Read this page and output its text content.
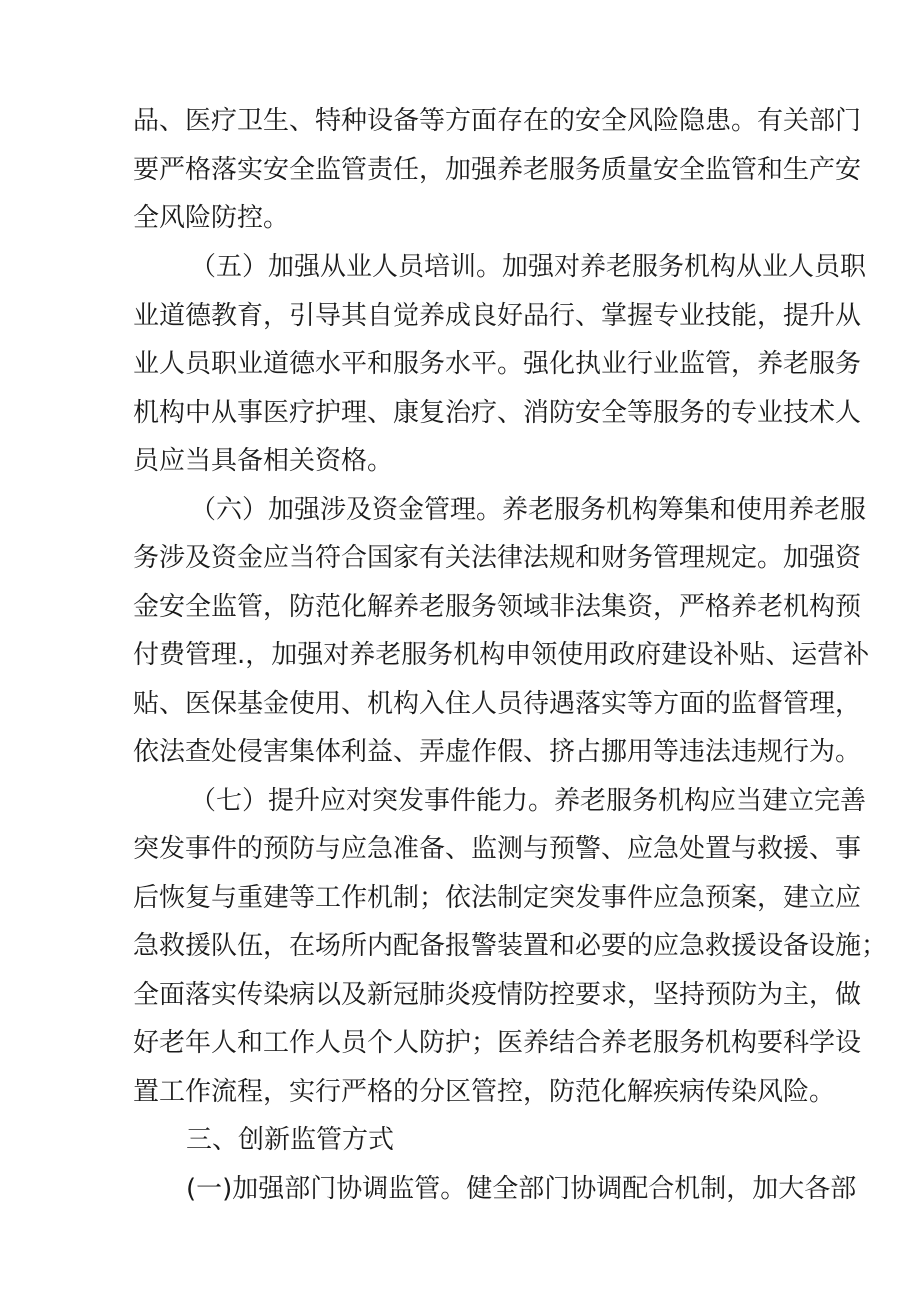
品、医疗卫生、特种设备等方面存在的安全风险隐患。有关部门

要严格落实安全监管责任，加强养老服务质量安全监管和生产安

全风险防控。

（五）加强从业人员培训。加强对养老服务机构从业人员职

业道德教育，引导其自觉养成良好品行、掌握专业技能，提升从

业人员职业道德水平和服务水平。强化执业行业监管，养老服务

机构中从事医疗护理、康复治疗、消防安全等服务的专业技术人

员应当具备相关资格。

（六）加强涉及资金管理。养老服务机构筹集和使用养老服

务涉及资金应当符合国家有关法律法规和财务管理规定。加强资

金安全监管，防范化解养老服务领域非法集资，严格养老机构预

付费管理.，加强对养老服务机构申领使用政府建设补贴、运营补

贴、医保基金使用、机构入住人员待遇落实等方面的监督管理，

依法查处侵害集体利益、弄虚作假、挤占挪用等违法违规行为。

（七）提升应对突发事件能力。养老服务机构应当建立完善

突发事件的预防与应急准备、监测与预警、应急处置与救援、事

后恢复与重建等工作机制；依法制定突发事件应急预案，建立应

急救援队伍，在场所内配备报警装置和必要的应急救援设备设施；

全面落实传染病以及新冠肺炎疫情防控要求，坚持预防为主，做

好老年人和工作人员个人防护；医养结合养老服务机构要科学设

置工作流程，实行严格的分区管控，防范化解疾病传染风险。

三、创新监管方式

(一)加强部门协调监管。健全部门协调配合机制，加大各部
